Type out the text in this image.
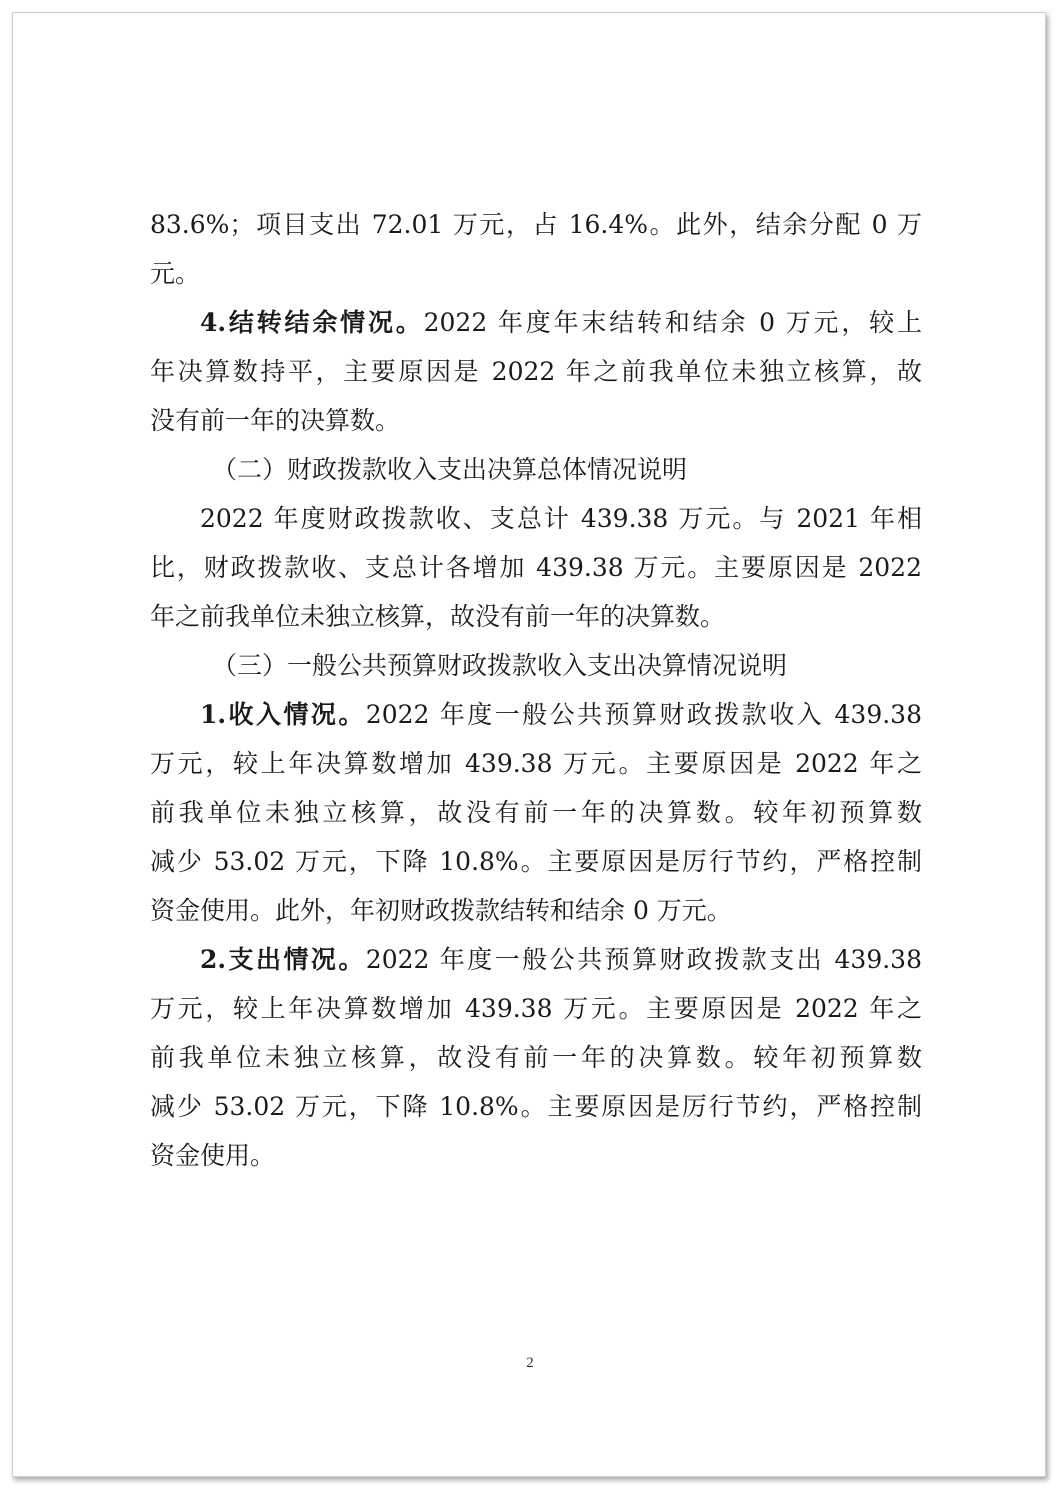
83.6%；项目支出 72.01 万元，占 16.4%。此外，结余分配 0 万
元。
4.结转结余情况。2022 年度年末结转和结余 0 万元，较上
年决算数持平，主要原因是 2022 年之前我单位未独立核算，故
没有前一年的决算数。
（二）财政拨款收入支出决算总体情况说明
2022 年度财政拨款收、支总计 439.38 万元。与 2021 年相
比，财政拨款收、支总计各增加 439.38 万元。主要原因是 2022
年之前我单位未独立核算，故没有前一年的决算数。
（三）一般公共预算财政拨款收入支出决算情况说明
1.收入情况。2022 年度一般公共预算财政拨款收入 439.38
万元，较上年决算数增加 439.38 万元。主要原因是 2022 年之
前我单位未独立核算，故没有前一年的决算数。较年初预算数
减少 53.02 万元，下降 10.8%。主要原因是厉行节约，严格控制
资金使用。此外，年初财政拨款结转和结余 0 万元。
2.支出情况。2022 年度一般公共预算财政拨款支出 439.38
万元，较上年决算数增加 439.38 万元。主要原因是 2022 年之
前我单位未独立核算，故没有前一年的决算数。较年初预算数
减少 53.02 万元，下降 10.8%。主要原因是厉行节约，严格控制
资金使用。
2
